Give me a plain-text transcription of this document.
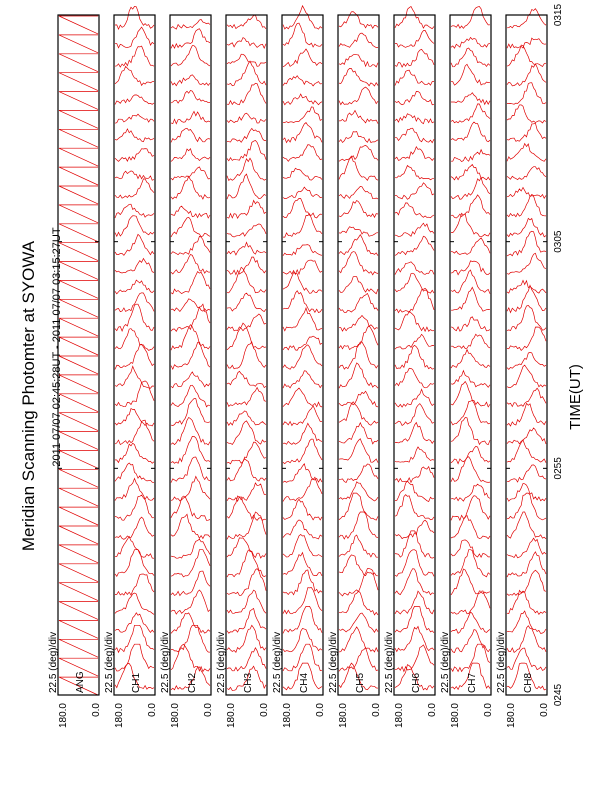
Meridian Scanning Photomter at SYOWA 2011 07/07 02:45:28UT - 2011 07/07 03:15:27UT	TIME(UT)
180.0 0.0
ANG
22.5 (deg)/div
180.0 0.0
CH1
22.5 (deg)/div
180.0 0.0
CH2
22.5 (deg)/div
180.0 0.0
CH3
22.5 (deg)/div
180.0 0.0
CH4
22.5 (deg)/div
180.0 0.0
CH5
22.5 (deg)/div
180.0 0.0
CH6
22.5 (deg)/div
180.0 0.0
CH7
22.5 (deg)/div
180.0 0.0
CH8
22.5 (deg)/div
0245
0255
0305
0315
